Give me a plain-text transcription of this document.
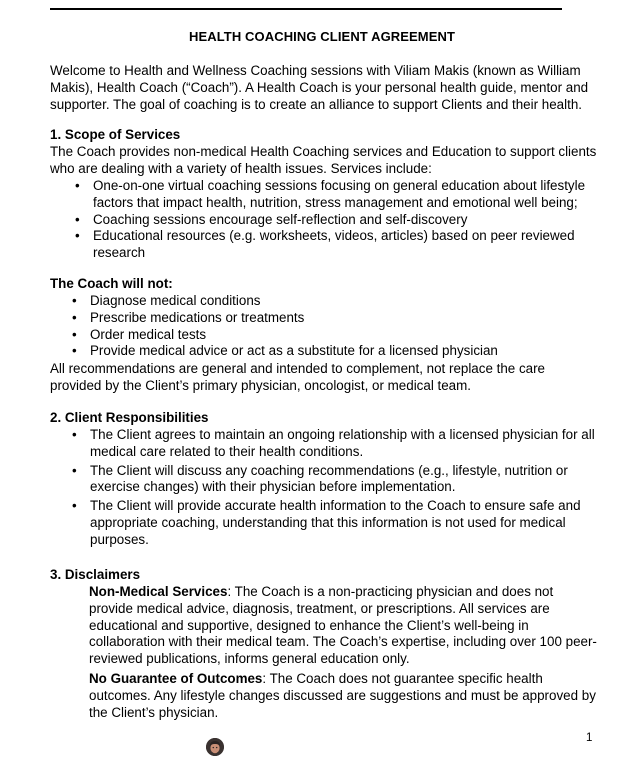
HEALTH COACHING CLIENT AGREEMENT
Welcome to Health and Wellness Coaching sessions with Viliam Makis (known as William Makis), Health Coach (“Coach”). A Health Coach is your personal health guide, mentor and supporter. The goal of coaching is to create an alliance to support Clients and their health.
1. Scope of Services
The Coach provides non-medical Health Coaching services and Education to support clients who are dealing with a variety of health issues. Services include:
• One-on-one virtual coaching sessions focusing on general education about lifestyle factors that impact health, nutrition, stress management and emotional well being;
• Coaching sessions encourage self-reflection and self-discovery
• Educational resources (e.g. worksheets, videos, articles) based on peer reviewed research
The Coach will not:
• Diagnose medical conditions
• Prescribe medications or treatments
• Order medical tests
• Provide medical advice or act as a substitute for a licensed physician
All recommendations are general and intended to complement, not replace the care provided by the Client’s primary physician, oncologist, or medical team.
2. Client Responsibilities
• The Client agrees to maintain an ongoing relationship with a licensed physician for all medical care related to their health conditions.
• The Client will discuss any coaching recommendations (e.g., lifestyle, nutrition or exercise changes) with their physician before implementation.
• The Client will provide accurate health information to the Coach to ensure safe and appropriate coaching, understanding that this information is not used for medical purposes.
3. Disclaimers
Non-Medical Services: The Coach is a non-practicing physician and does not provide medical advice, diagnosis, treatment, or prescriptions. All services are educational and supportive, designed to enhance the Client’s well-being in collaboration with their medical team. The Coach’s expertise, including over 100 peer-reviewed publications, informs general education only.
No Guarantee of Outcomes: The Coach does not guarantee specific health outcomes. Any lifestyle changes discussed are suggestions and must be approved by the Client’s physician.
1
